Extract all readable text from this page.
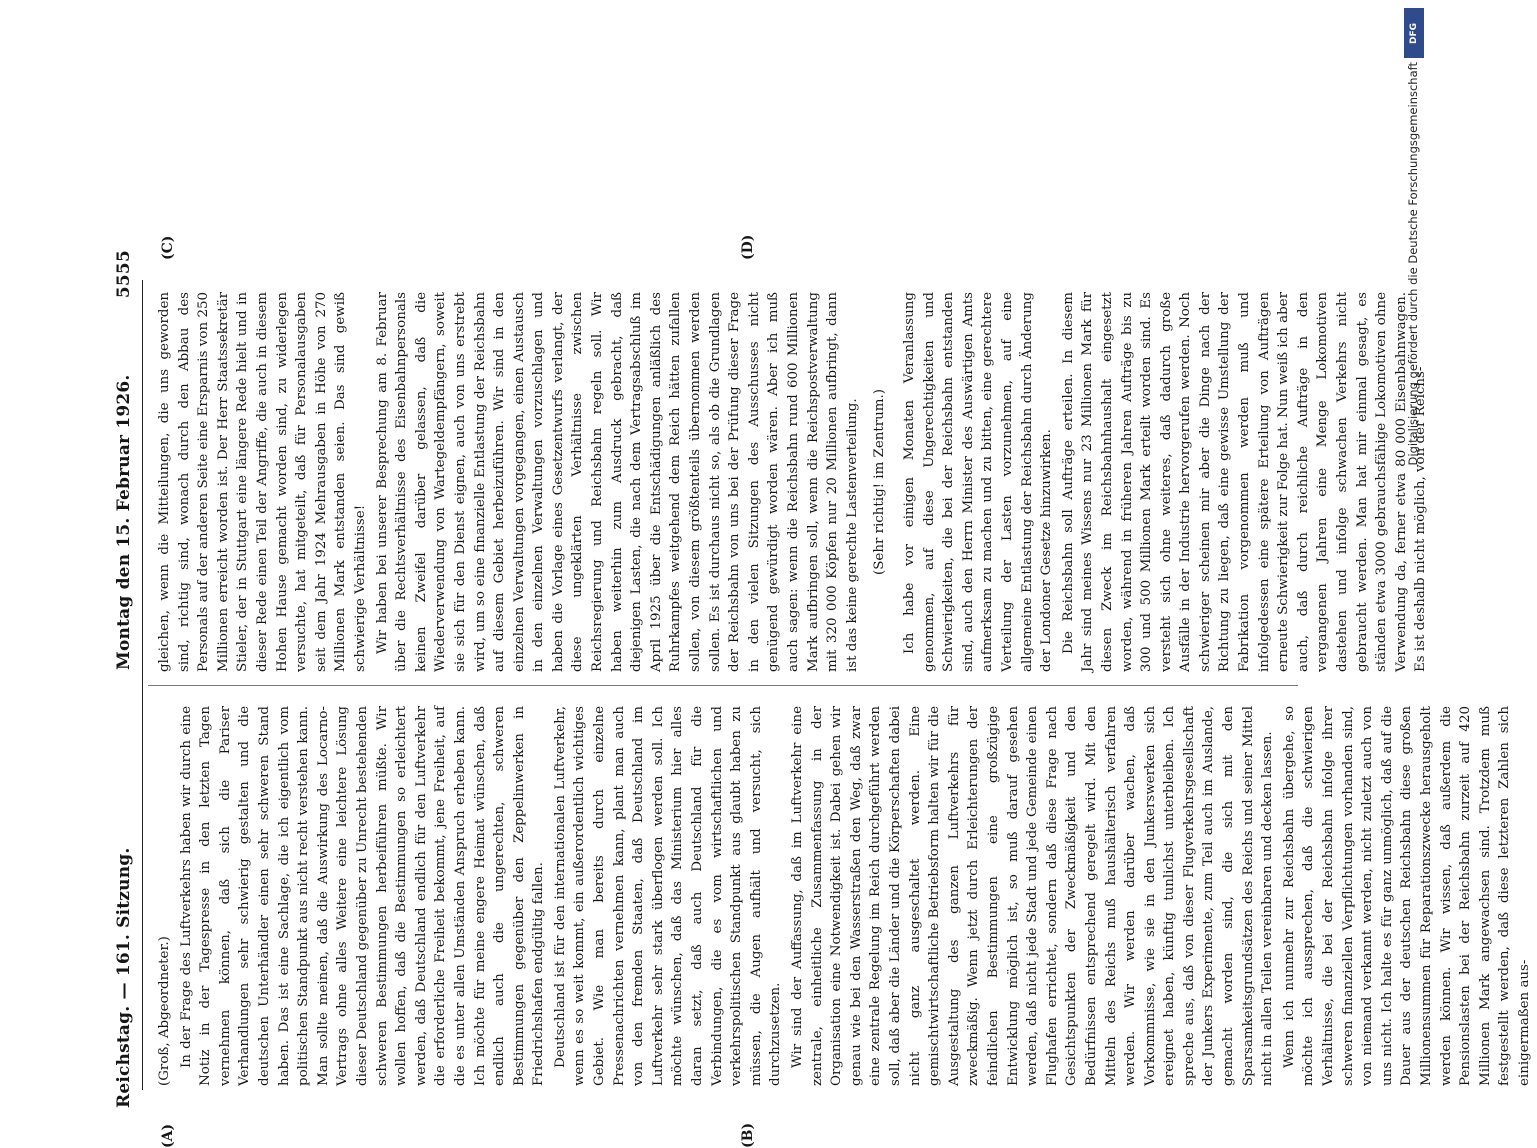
Reichstag. — 161. Sitzung.
Montag den 15. Februar 1926.
5555
(A)	(B)
(C)	(D)

(Groß, Abgeordneter.) In der Frage des Luftverkehrs haben wir durch eine Notiz in der Tagespresse in den letzten Tagen vernehmen können, daß sich die Pariser Verhandlungen sehr schwierig gestalten und die deutschen Unterhändler einen sehr schweren Stand haben. Das ist eine Sachlage, die ich eigentlich vom politischen Standpunkt aus nicht recht verstehen kann. Man sollte meinen, daß die Auswirkung des Locarno-Vertrags ohne alles Weitere eine leichtere Lösung dieser Deutschland gegenüber zu Unrecht bestehenden schweren Bestimmungen herbeiführen müßte. Wir wollen hoffen, daß die Bestimmungen so erleichtert werden, daß Deutschland endlich für den Luftverkehr die erforderliche Freiheit bekommt, jene Freiheit, auf die es unter allen Umständen Anspruch erheben kann. Ich möchte für meine engere Heimat wünschen, daß endlich auch die ungerechten, schweren Bestimmungen gegenüber den Zeppelinwerken in Friedrichshafen endgültig fallen. Deutschland ist für den internationalen Luftverkehr, wenn es so weit kommt, ein außerordentlich wichtiges Gebiet. Wie man bereits durch einzelne Pressenachrichten vernehmen kann, plant man auch von den fremden Staaten, daß Deutschland im Luftverkehr sehr stark überflogen werden soll. Ich möchte wünschen, daß das Ministerium hier alles daran setzt, daß auch Deutschland für die Verbindungen, die es vom wirtschaftlichen und verkehrspolitischen Standpunkt aus glaubt haben zu müssen, die Augen aufhält und versucht, sich durchzusetzen. Wir sind der Auffassung, daß im Luftverkehr eine zentrale, einheitliche Zusammenfassung in der Organisation eine Notwendigkeit ist. Dabei gehen wir genau wie bei den Wasserstraßen den Weg, daß zwar eine zentrale Regelung im Reich durchgeführt werden soll, daß aber die Länder und die Körperschaften dabei nicht ganz ausgeschaltet werden. Eine gemischtwirtschaftliche Betriebsform halten wir für die Ausgestaltung des ganzen Luftverkehrs für zweckmäßig. Wenn jetzt durch Erleichterungen der feindlichen Bestimmungen eine großzügige Entwicklung möglich ist, so muß darauf gesehen werden, daß nicht jede Stadt und jede Gemeinde einen Flughafen errichtet, sondern daß diese Frage nach Gesichtspunkten der Zweckmäßigkeit und den Bedürfnissen entsprechend geregelt wird. Mit den Mitteln des Reichs muß haushälterisch verfahren werden. Wir werden darüber wachen, daß Vorkommnisse, wie sie in den Junkerswerken sich ereignet haben, künftig tunlichst unterbleiben. Ich spreche aus, daß von dieser Flugverkehrsgesellschaft der Junkers Experimente, zum Teil auch im Auslande, gemacht worden sind, die sich mit den Sparsamkeitsgrundsätzen des Reichs und seiner Mittel nicht in allen Teilen vereinbaren und decken lassen. Wenn ich nunmehr zur Reichsbahn übergehe, so möchte ich aussprechen, daß die schwierigen Verhältnisse, die bei der Reichsbahn infolge ihrer schweren finanziellen Verpflichtungen vorhanden sind, von niemand verkannt werden, nicht zuletzt auch von uns nicht. Ich halte es für ganz unmöglich, daß auf die Dauer aus der deutschen Reichsbahn diese großen Millionensummen für Reparationszwecke herausgeholt werden können. Wir wissen, daß außerdem die Pensionslasten bei der Reichsbahn zurzeit auf 420 Millionen Mark angewachsen sind. Trotzdem muß festgestellt werden, daß diese letzteren Zahlen sich einigermaßen aus-

gleichen, wenn die Mitteilungen, die uns geworden sind, richtig sind, wonach durch den Abbau des Personals auf der anderen Seite eine Ersparnis von 250 Millionen erreicht worden ist. Der Herr Staatssekretär Stieler, der in Stuttgart eine längere Rede hielt und in dieser Rede einen Teil der Angriffe, die auch in diesem Hohen Hause gemacht worden sind, zu widerlegen versuchte, hat mitgeteilt, daß für Personalausgaben seit dem Jahr 1924 Mehrausgaben in Höhe von 270 Millionen Mark entstanden seien. Das sind gewiß schwierige Verhältnisse! Wir haben bei unserer Besprechung am 8. Februar über die Rechtsverhältnisse des Eisenbahnpersonals keinen Zweifel darüber gelassen, daß die Wiederverwendung von Wartegeldempfängern, soweit sie sich für den Dienst eignen, auch von uns erstrebt wird, um so eine finanzielle Entlastung der Reichsbahn auf diesem Gebiet herbeizuführen. Wir sind in den einzelnen Verwaltungen vorgegangen, einen Austausch in den einzelnen Verwaltungen vorzuschlagen und haben die Vorlage eines Gesetzentwurfs verlangt, der diese ungeklärten Verhältnisse zwischen Reichsregierung und Reichsbahn regeln soll. Wir haben weiterhin zum Ausdruck gebracht, daß diejenigen Lasten, die nach dem Vertragsabschluß im April 1925 über die Entschädigungen anläßlich des Ruhrkampfes weitgehend dem Reich hätten zufallen sollen, von diesem größtenteils übernommen werden sollen. Es ist durchaus nicht so, als ob die Grundlagen der Reichsbahn von uns bei der Prüfung dieser Frage in den vielen Sitzungen des Ausschusses nicht genügend gewürdigt worden wären. Aber ich muß auch sagen: wenn die Reichsbahn rund 600 Millionen Mark aufbringen soll, wenn die Reichspostverwaltung mit 320 000 Köpfen nur 20 Millionen aufbringt, dann ist das keine gerechte Lastenverteilung. (Sehr richtig! im Zentrum.) Ich habe vor einigen Monaten Veranlassung genommen, auf diese Ungerechtigkeiten und Schwierigkeiten, die bei der Reichsbahn entstanden sind, auch den Herrn Minister des Auswärtigen Amts aufmerksam zu machen und zu bitten, eine gerechtere Verteilung der Lasten vorzunehmen, auf eine allgemeine Entlastung der Reichsbahn durch Änderung der Londoner Gesetze hinzuwirken. Die Reichsbahn soll Aufträge erteilen. In diesem Jahr sind meines Wissens nur 23 Millionen Mark für diesen Zweck im Reichsbahnhaushalt eingesetzt worden, während in früheren Jahren Aufträge bis zu 300 und 500 Millionen Mark erteilt worden sind. Es versteht sich ohne weiteres, daß dadurch große Ausfälle in der Industrie hervorgerufen werden. Noch schwieriger scheinen mir aber die Dinge nach der Richtung zu liegen, daß eine gewisse Umstellung der Fabrikation vorgenommen werden muß und infolgedessen eine spätere Erteilung von Aufträgen erneute Schwierigkeit zur Folge hat. Nun weiß ich aber auch, daß durch reichliche Aufträge in den vergangenen Jahren eine Menge Lokomotiven dastehen und infolge schwachen Verkehrs nicht gebraucht werden. Man hat mir einmal gesagt, es ständen etwa 3000 gebrauchsfähige Lokomotiven ohne Verwendung da, ferner etwa 80 000 Eisenbahnwagen. Es ist deshalb nicht möglich, von der Reichs-

DFG
Digitalisierung gefördert durch die Deutsche Forschungsgemeinschaft
